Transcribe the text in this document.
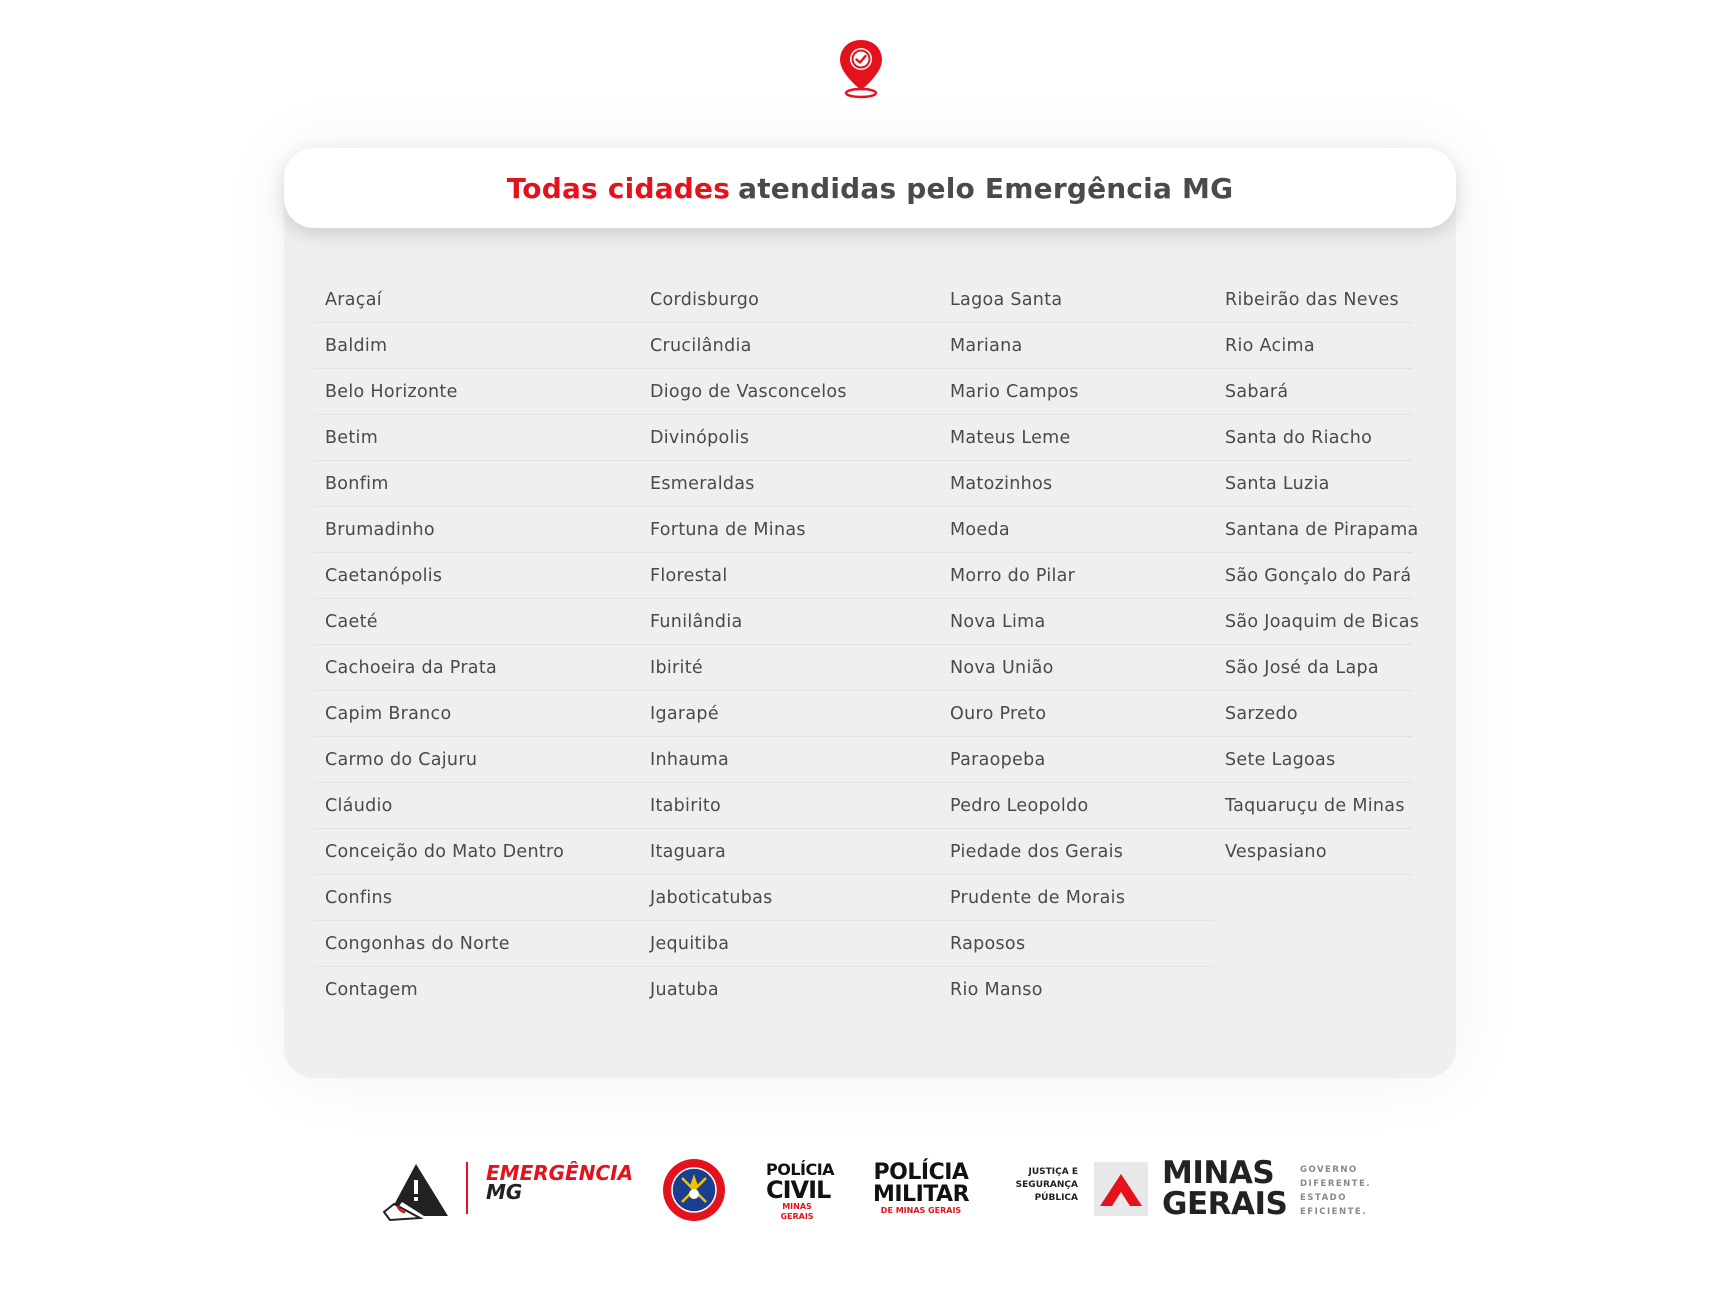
Todas cidades atendidas pelo Emergência MG
Araçaí
Baldim
Belo Horizonte
Betim
Bonfim
Brumadinho
Caetanópolis
Caeté
Cachoeira da Prata
Capim Branco
Carmo do Cajuru
Cláudio
Conceição do Mato Dentro
Confins
Congonhas do Norte
Contagem
Cordisburgo
Crucilândia
Diogo de Vasconcelos
Divinópolis
Esmeraldas
Fortuna de Minas
Florestal
Funilândia
Ibirité
Igarapé
Inhauma
Itabirito
Itaguara
Jaboticatubas
Jequitiba
Juatuba
Lagoa Santa
Mariana
Mario Campos
Mateus Leme
Matozinhos
Moeda
Morro do Pilar
Nova Lima
Nova União
Ouro Preto
Paraopeba
Pedro Leopoldo
Piedade dos Gerais
Prudente de Morais
Raposos
Rio Manso
Ribeirão das Neves
Rio Acima
Sabará
Santa do Riacho
Santa Luzia
Santana de Pirapama
São Gonçalo do Pará
São Joaquim de Bicas
São José da Lapa
Sarzedo
Sete Lagoas
Taquaruçu de Minas
Vespasiano
EMERGÊNCIA
MG
POLÍCIA
CIVIL
MINAS GERAIS
POLÍCIA
MILITAR
DE MINAS GERAIS
JUSTIÇA E
SEGURANÇA
PÚBLICA
MINAS
GERAIS
GOVERNO
DIFERENTE.
ESTADO
EFICIENTE.
